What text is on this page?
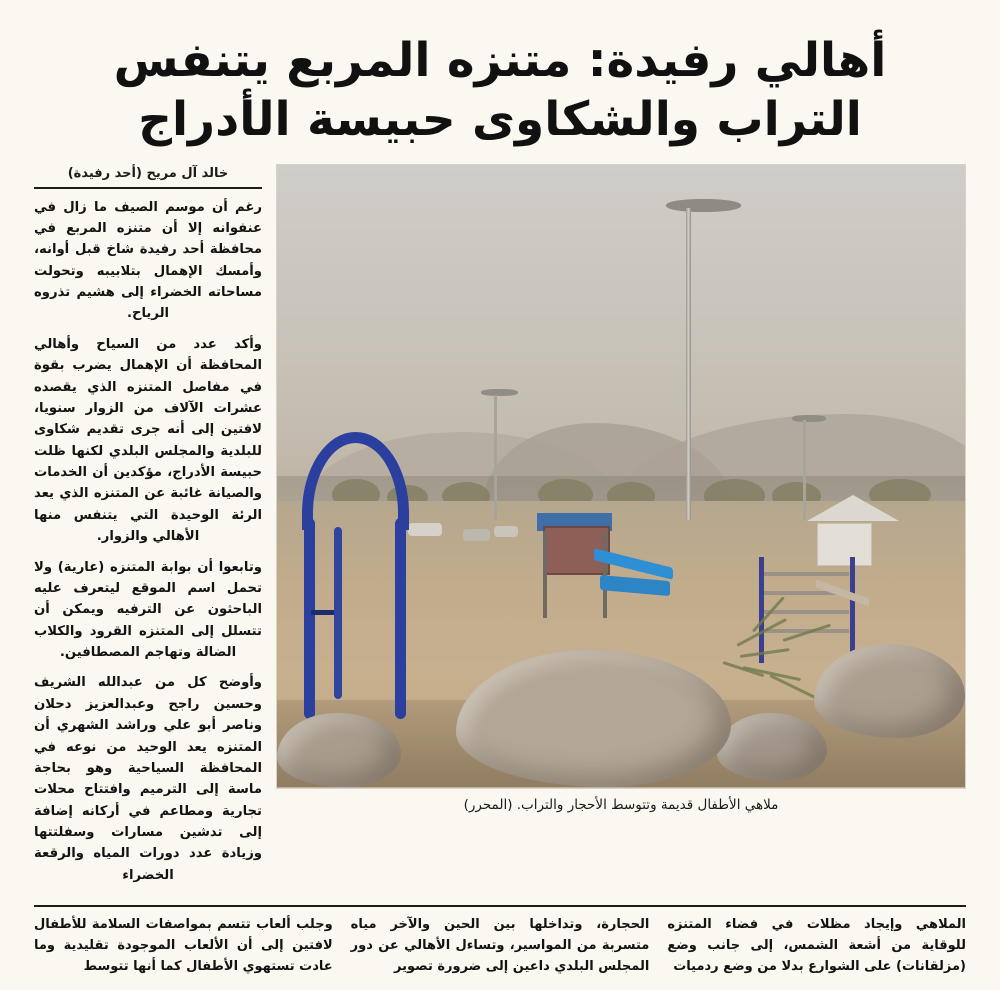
أهالي رفيدة: متنزه المربع يتنفس
التراب والشكاوى حبيسة الأدراج
ملاهي الأطفال قديمة وتتوسط الأحجار والتراب. (المحرر)
خالد آل مريح (أحد رفيدة)

رغم أن موسم الصيف ما زال في عنفوانه إلا أن متنزه المربع في محافظة أحد رفيدة شاخ قبل أوانه، وأمسك الإهمال بتلابيبه وتحولت مساحاته الخضراء إلى هشيم تذروه الرياح.

وأكد عدد من السياح وأهالي المحافظة أن الإهمال يضرب بقوة في مفاصل المتنزه الذي يقصده عشرات الآلاف من الزوار سنويا، لافتين إلى أنه جرى تقديم شكاوى للبلدية والمجلس البلدي لكنها ظلت حبيسة الأدراج، مؤكدين أن الخدمات والصيانة غائبة عن المتنزه الذي يعد الرئة الوحيدة التي يتنفس منها الأهالي والزوار.

وتابعوا أن بوابة المتنزه (عارية) ولا تحمل اسم الموقع ليتعرف عليه الباحثون عن الترفيه ويمكن أن تتسلل إلى المتنزه القرود والكلاب الضالة وتهاجم المصطافين.

وأوضح كل من عبدالله الشريف وحسين راجح وعبدالعزيز دحلان وناصر أبو علي وراشد الشهري أن المتنزه يعد الوحيد من نوعه في المحافظة السياحية وهو بحاجة ماسة إلى الترميم وافتتاح محلات تجارية ومطاعم في أركانه إضافة إلى تدشين مسارات وسفلتتها وزيادة عدد دورات المياه والرقعة الخضراء

الملاهي وإيجاد مظلات في فضاء المتنزه للوقاية من أشعة الشمس، إلى جانب وضع (مزلقانات) على الشوارع بدلا من وضع ردميات

الحجارة، وتداخلها بين الحين والآخر مياه متسربة من المواسير، وتساءل الأهالي عن دور المجلس البلدي داعين إلى ضرورة تصوير

وجلب ألعاب تتسم بمواصفات السلامة للأطفال لافتين إلى أن الألعاب الموجودة تقليدية وما عادت تستهوي الأطفال كما أنها تتوسط
